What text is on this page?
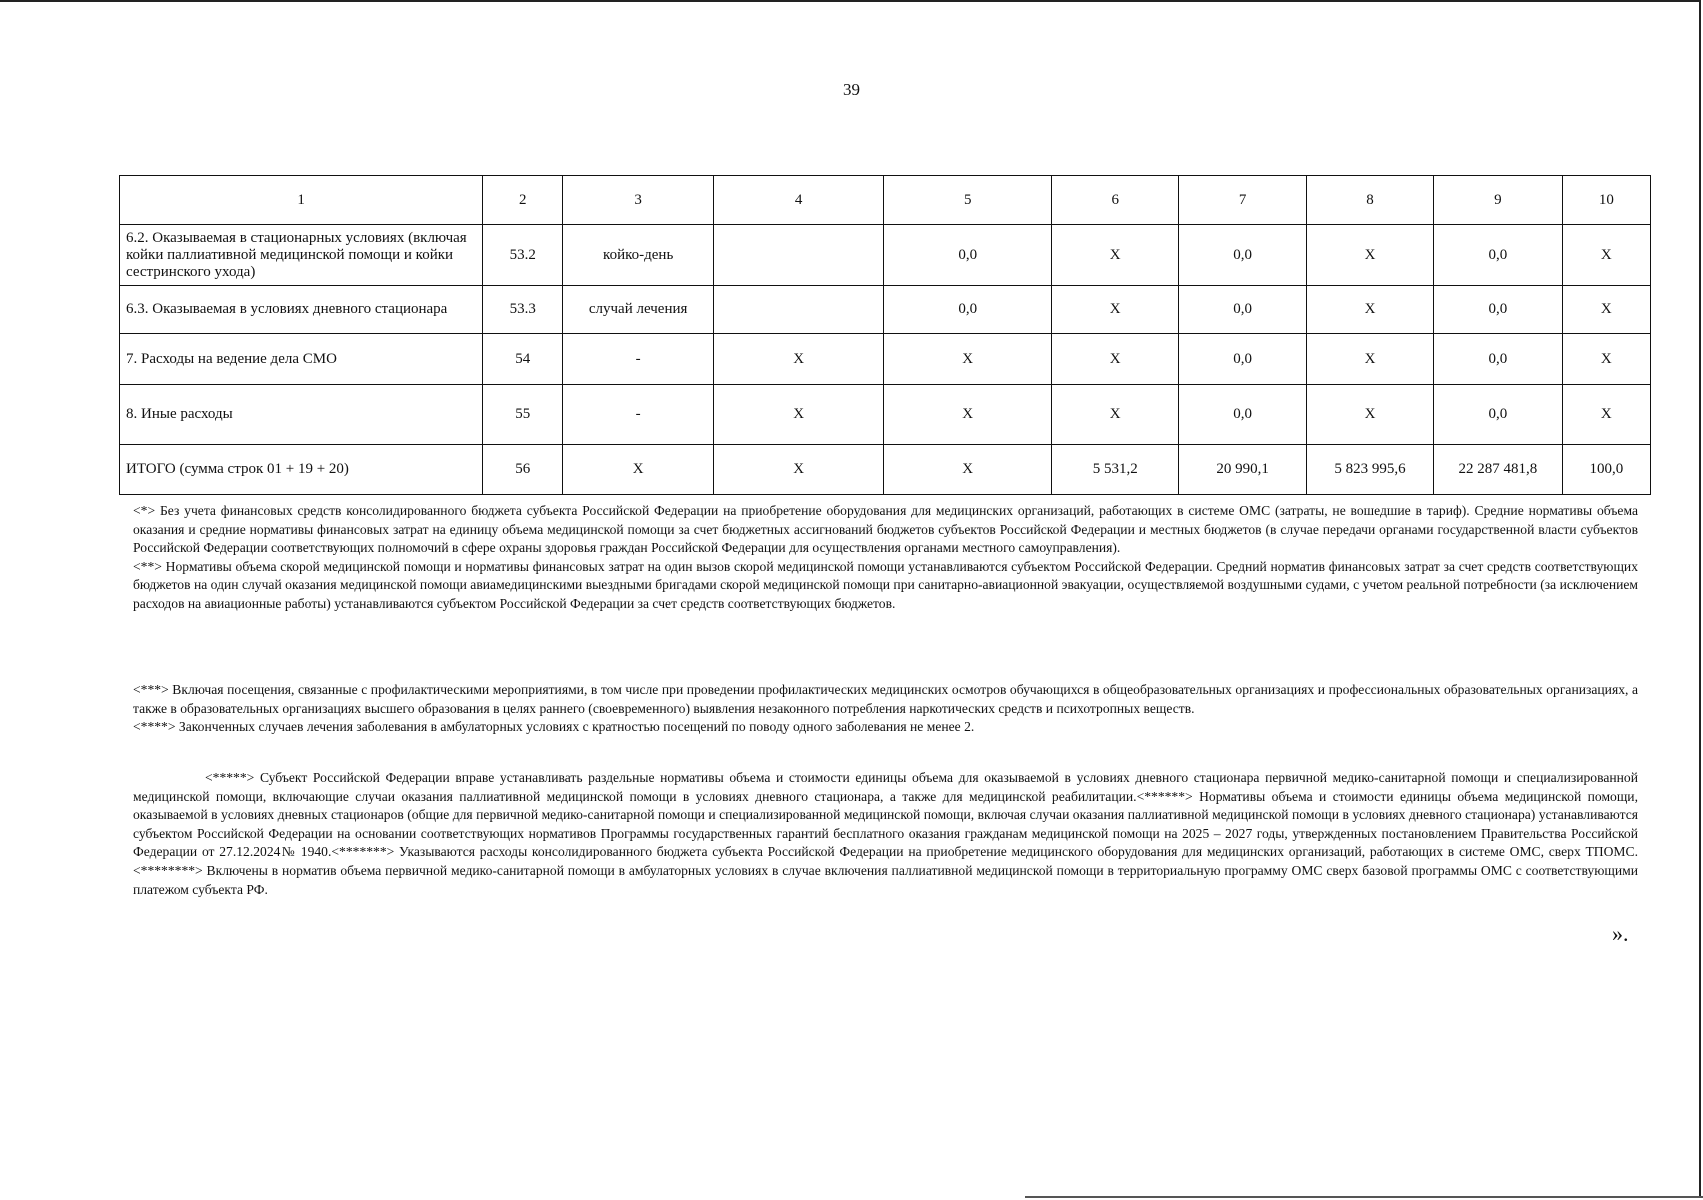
39
1	2	3	4	5	6	7	8	9	10
6.2. Оказываемая в стационарных условиях (включая койки паллиативной медицинской помощи и койки сестринского ухода)	53.2	койко-день		0,0	Х	0,0	Х	0,0	Х
6.3. Оказываемая в условиях дневного стационара	53.3	случай лечения		0,0	Х	0,0	Х	0,0	Х
7. Расходы на ведение дела СМО	54	-	Х	Х	Х	0,0	Х	0,0	Х
8. Иные расходы	55	-	Х	Х	Х	0,0	Х	0,0	Х
ИТОГО (сумма строк 01 + 19 + 20)	56	Х	Х	Х	5 531,2	20 990,1	5 823 995,6	22 287 481,8	100,0

<*> Без учета финансовых средств консолидированного бюджета субъекта Российской Федерации на приобретение оборудования для медицинских организаций, работающих в системе ОМС (затраты, не вошедшие в тариф). Средние нормативы объема оказания и средние нормативы финансовых затрат на единицу объема медицинской помощи за счет бюджетных ассигнований бюджетов субъектов Российской Федерации и местных бюджетов (в случае передачи органами государственной власти субъектов Российской Федерации соответствующих полномочий в сфере охраны здоровья граждан Российской Федерации для осуществления органами местного самоуправления).

<**> Нормативы объема скорой медицинской помощи и нормативы финансовых затрат на один вызов скорой медицинской помощи устанавливаются субъектом Российской Федерации. Средний норматив финансовых затрат за счет средств соответствующих бюджетов на один случай оказания медицинской помощи авиамедицинскими выездными бригадами скорой медицинской помощи при санитарно-авиационной эвакуации, осуществляемой воздушными судами, с учетом реальной потребности (за исключением расходов на авиационные работы) устанавливаются субъектом Российской Федерации за счет средств соответствующих бюджетов.

<***> Включая посещения, связанные с профилактическими мероприятиями, в том числе при проведении профилактических медицинских осмотров обучающихся в общеобразовательных организациях и профессиональных образовательных организациях, а также в образовательных организациях высшего образования в целях раннего (своевременного) выявления незаконного потребления наркотических средств и психотропных веществ.

<****> Законченных случаев лечения заболевания в амбулаторных условиях с кратностью посещений по поводу одного заболевания не менее 2.

<*****> Субъект Российской Федерации вправе устанавливать раздельные нормативы объема и стоимости единицы объема для оказываемой в условиях дневного стационара первичной медико-санитарной помощи и специализированной медицинской помощи, включающие случаи оказания паллиативной медицинской помощи в условиях дневного стационара, а также для медицинской реабилитации.<******> Нормативы объема и стоимости единицы объема медицинской помощи, оказываемой в условиях дневных стационаров (общие для первичной медико-санитарной помощи и специализированной медицинской помощи, включая случаи оказания паллиативной медицинской помощи в условиях дневного стационара) устанавливаются субъектом Российской Федерации на основании соответствующих нормативов Программы государственных гарантий бесплатного оказания гражданам медицинской помощи на 2025 – 2027 годы, утвержденных постановлением Правительства Российской Федерации от 27.12.2024№ 1940.<*******> Указываются расходы консолидированного бюджета субъекта Российской Федерации на приобретение медицинского оборудования для медицинских организаций, работающих в системе ОМС, сверх ТПОМС.<********> Включены в норматив объема первичной медико-санитарной помощи в амбулаторных условиях в случае включения паллиативной медицинской помощи в территориальную программу ОМС сверх базовой программы ОМС с соответствующими платежом субъекта РФ.

».
